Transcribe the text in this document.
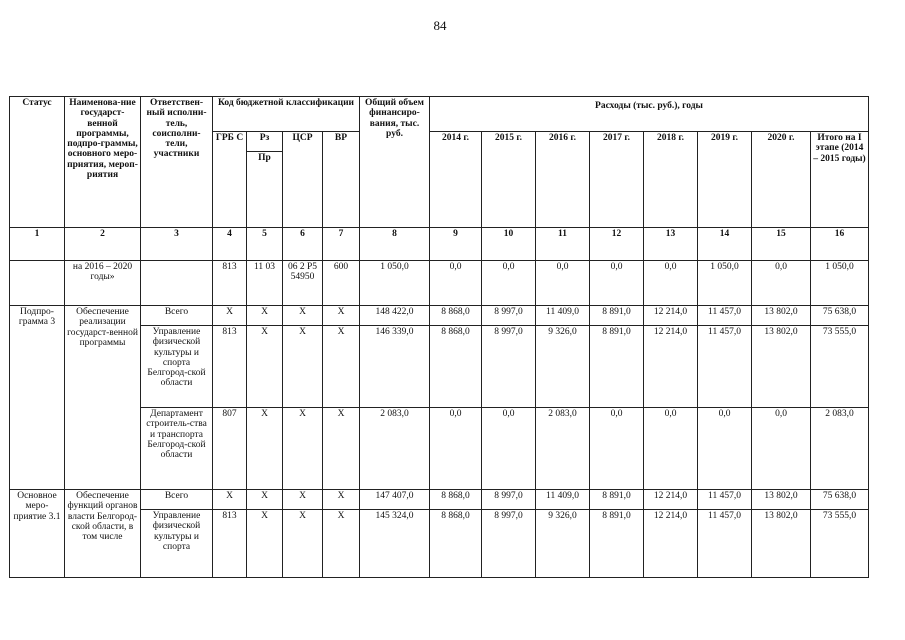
84
Статус	Наименова-ние государст-венной программы, подпро-граммы, основного меро-приятия, мероп-риятия	Ответствен-ный исполни-тель, соисполни-тели, участники	Код бюджетной классификации				Общий объем финансиро-вания, тыс. руб.	Расходы (тыс. руб.), годы							
			ГРБ С	Рз	ЦСР	ВР		2014 г.	2015 г.	2016 г.	2017 г.	2018 г.	2019 г.	2020 г.	Итого на I этапе (2014 – 2015 годы)
				Пр											
1	2	3	4	5	6	7	8	9	10	11	12	13	14	15	16
	на 2016 – 2020 годы»		813	11 03	06 2 Р5 54950	600	1 050,0	0,0	0,0	0,0	0,0	0,0	1 050,0	0,0	1 050,0
Подпро-грамма 3	Обеспечение реализации государст-венной программы	Всего	X	X	X	X	148 422,0	8 868,0	8 997,0	11 409,0	8 891,0	12 214,0	11 457,0	13 802,0	75 638,0
		Управление физической культуры и спорта Белгород-ской области	813	X	X	X	146 339,0	8 868,0	8 997,0	9 326,0	8 891,0	12 214,0	11 457,0	13 802,0	73 555,0
		Департамент строитель-ства и транспорта Белгород-ской области	807	X	X	X	2 083,0	0,0	0,0	2 083,0	0,0	0,0	0,0	0,0	2 083,0
Основное меро-приятие 3.1	Обеспечение функций органов власти Белгород-ской области, в том числе	Всего	X	X	X	X	147 407,0	8 868,0	8 997,0	11 409,0	8 891,0	12 214,0	11 457,0	13 802,0	75 638,0
		Управление физической культуры и спорта	813	X	X	X	145 324,0	8 868,0	8 997,0	9 326,0	8 891,0	12 214,0	11 457,0	13 802,0	73 555,0
